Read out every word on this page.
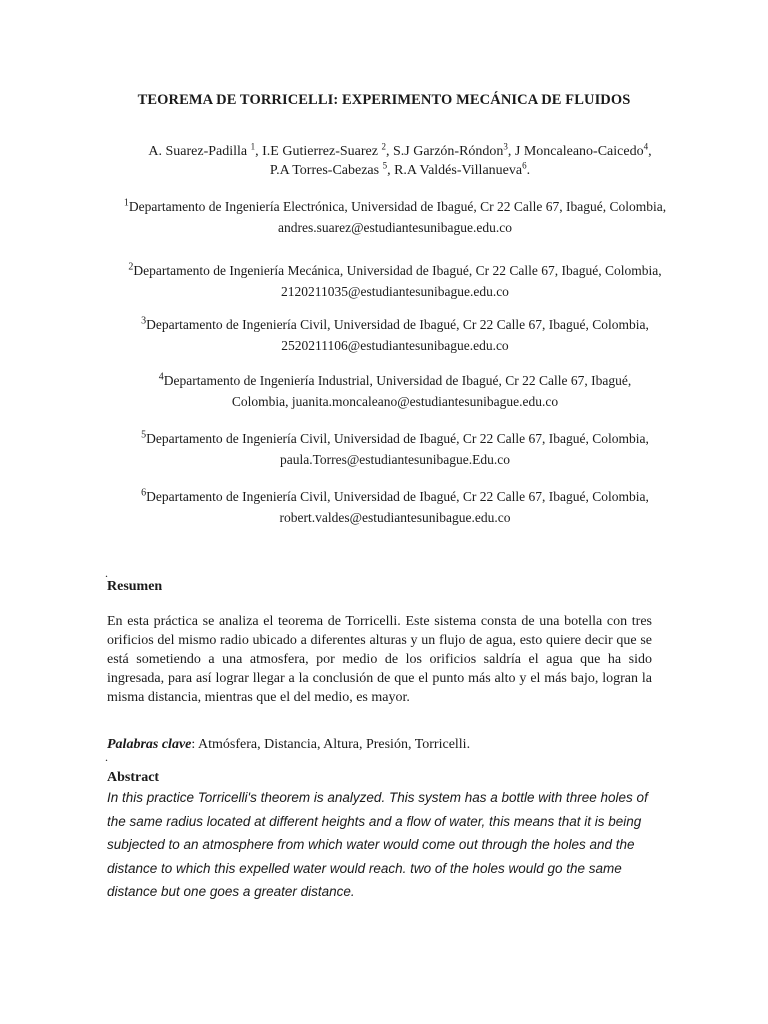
TEOREMA DE TORRICELLI: EXPERIMENTO MECÁNICA DE FLUIDOS
A. Suarez-Padilla $^1$, I.E Gutierrez-Suarez $^2$, S.J Garzón-Róndon$^3$, J Moncaleano-Caicedo$^4$,
P.A Torres-Cabezas $^5$, R.A Valdés-Villanueva$^6$.
$^1$Departamento de Ingeniería Electrónica, Universidad de Ibagué, Cr 22 Calle 67, Ibagué, Colombia,
andres.suarez@estudiantesunibague.edu.co
$^2$Departamento de Ingeniería Mecánica, Universidad de Ibagué, Cr 22 Calle 67, Ibagué, Colombia,
2120211035@estudiantesunibague.edu.co
$^3$Departamento de Ingeniería Civil, Universidad de Ibagué, Cr 22 Calle 67, Ibagué, Colombia,
2520211106@estudiantesunibague.edu.co
$^4$Departamento de Ingeniería Industrial, Universidad de Ibagué, Cr 22 Calle 67, Ibagué,
Colombia, juanita.moncaleano@estudiantesunibague.edu.co
$^5$Departamento de Ingeniería Civil, Universidad de Ibagué, Cr 22 Calle 67, Ibagué, Colombia,
paula.Torres@estudiantesunibague.Edu.co
$^6$Departamento de Ingeniería Civil, Universidad de Ibagué, Cr 22 Calle 67, Ibagué, Colombia,
robert.valdes@estudiantesunibague.edu.co
.
Resumen
En esta práctica se analiza el teorema de Torricelli. Este sistema consta de una botella con tres orificios del mismo radio ubicado a diferentes alturas y un flujo de agua, esto quiere decir que se está sometiendo a una atmosfera, por medio de los orificios saldría el agua que ha sido ingresada, para así lograr llegar a la conclusión de que el punto más alto y el más bajo, logran la misma distancia, mientras que el del medio, es mayor.
Palabras clave: Atmósfera, Distancia, Altura, Presión, Torricelli.
.
Abstract
In this practice Torricelli's theorem is analyzed. This system has a bottle with three holes of the same radius located at different heights and a flow of water, this means that it is being subjected to an atmosphere from which water would come out through the holes and the distance to which this expelled water would reach. two of the holes would go the same distance but one goes a greater distance.
